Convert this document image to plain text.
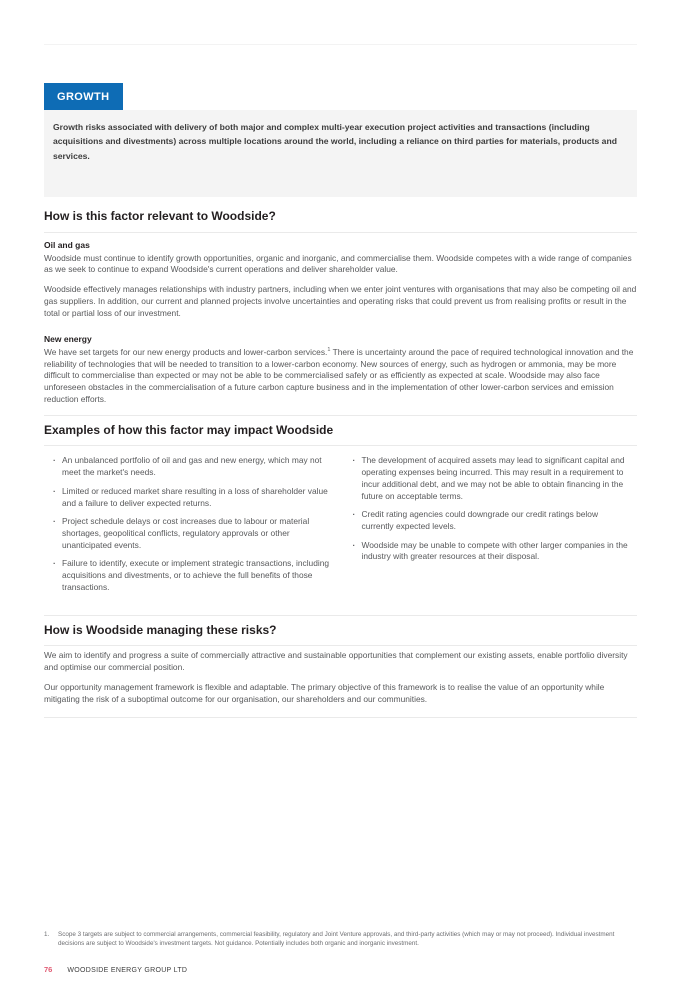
GROWTH
Growth risks associated with delivery of both major and complex multi-year execution project activities and transactions (including acquisitions and divestments) across multiple locations around the world, including a reliance on third parties for materials, products and services.
How is this factor relevant to Woodside?
Oil and gas

Woodside must continue to identify growth opportunities, organic and inorganic, and commercialise them. Woodside competes with a wide range of companies as we seek to continue to expand Woodside's current operations and deliver shareholder value.

Woodside effectively manages relationships with industry partners, including when we enter joint ventures with organisations that may also be competing oil and gas suppliers. In addition, our current and planned projects involve uncertainties and operating risks that could prevent us from realising profits or result in the total or partial loss of our investment.

New energy

We have set targets for our new energy products and lower-carbon services.$^1$ There is uncertainty around the pace of required technological innovation and the reliability of technologies that will be needed to transition to a lower-carbon economy. New sources of energy, such as hydrogen or ammonia, may be more difficult to commercialise than expected or may not be able to be commercialised safely or as efficiently as expected at scale. Woodside may also face unforeseen obstacles in the commercialisation of a future carbon capture business and in the implementation of other lower-carbon services and emission reduction efforts.

Examples of how this factor may impact Woodside
· An unbalanced portfolio of oil and gas and new energy, which may not meet the market's needs.
· Limited or reduced market share resulting in a loss of shareholder value and a failure to deliver expected returns.
· Project schedule delays or cost increases due to labour or material shortages, geopolitical conflicts, regulatory approvals or other unanticipated events.
· Failure to identify, execute or implement strategic transactions, including acquisitions and divestments, or to achieve the full benefits of those transactions.
· The development of acquired assets may lead to significant capital and operating expenses being incurred. This may result in a requirement to incur additional debt, and we may not be able to obtain financing in the future on acceptable terms.
· Credit rating agencies could downgrade our credit ratings below currently expected levels.
· Woodside may be unable to compete with other larger companies in the industry with greater resources at their disposal.
How is Woodside managing these risks?

We aim to identify and progress a suite of commercially attractive and sustainable opportunities that complement our existing assets, enable portfolio diversity and optimise our commercial position.

Our opportunity management framework is flexible and adaptable. The primary objective of this framework is to realise the value of an opportunity while mitigating the risk of a suboptimal outcome for our organisation, our shareholders and our communities.

1.	Scope 3 targets are subject to commercial arrangements, commercial feasibility, regulatory and Joint Venture approvals, and third-party activities (which may or may not proceed). Individual investment decisions are subject to Woodside's investment targets. Not guidance. Potentially includes both organic and inorganic investment.
76 WOODSIDE ENERGY GROUP LTD
